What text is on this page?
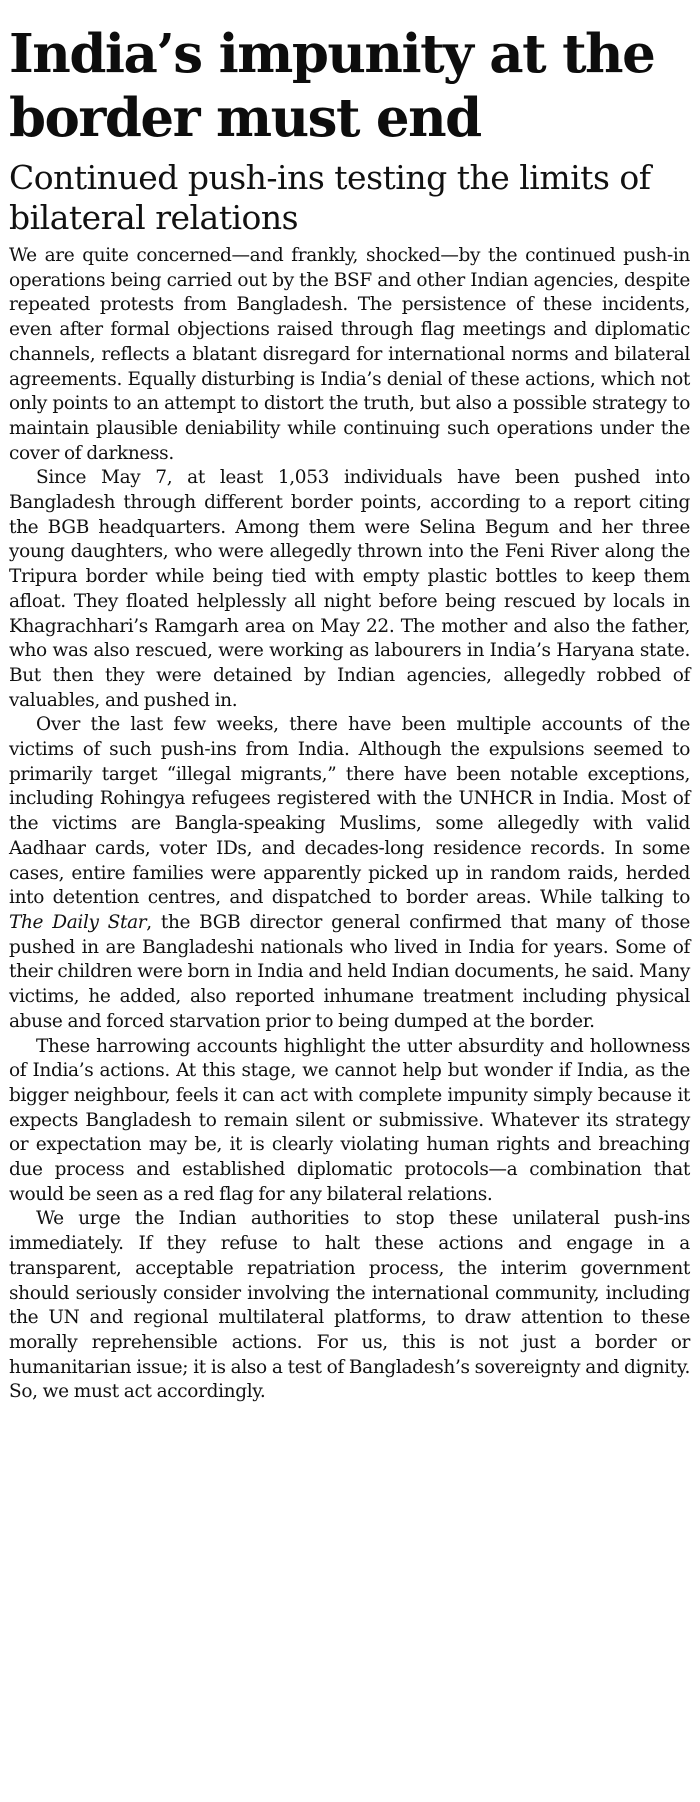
India’s impunity at the border must end
Continued push-ins testing the limits of bilateral relations

We are quite concerned—and frankly, shocked—by the continued push-in operations being carried out by the BSF and other Indian agencies, despite repeated protests from Bangladesh. The persistence of these incidents, even after formal objections raised through flag meetings and diplomatic channels, reflects a blatant disregard for international norms and bilateral agreements. Equally disturbing is India’s denial of these actions, which not only points to an attempt to distort the truth, but also a possible strategy to maintain plausible deniability while continuing such operations under the cover of darkness.

Since May 7, at least 1,053 individuals have been pushed into Bangladesh through different border points, according to a report citing the BGB headquarters. Among them were Selina Begum and her three young daughters, who were allegedly thrown into the Feni River along the Tripura border while being tied with empty plastic bottles to keep them afloat. They floated helplessly all night before being rescued by locals in Khagrachhari’s Ramgarh area on May 22. The mother and also the father, who was also rescued, were working as labourers in India’s Haryana state. But then they were detained by Indian agencies, allegedly robbed of valuables, and pushed in.

Over the last few weeks, there have been multiple accounts of the victims of such push-ins from India. Although the expulsions seemed to primarily target “illegal migrants,” there have been notable exceptions, including Rohingya refugees registered with the UNHCR in India. Most of the victims are Bangla-speaking Muslims, some allegedly with valid Aadhaar cards, voter IDs, and decades-long residence records. In some cases, entire families were apparently picked up in random raids, herded into detention centres, and dispatched to border areas. While talking to The Daily Star, the BGB director general confirmed that many of those pushed in are Bangladeshi nationals who lived in India for years. Some of their children were born in India and held Indian documents, he said. Many victims, he added, also reported inhumane treatment including physical abuse and forced starvation prior to being dumped at the border.

These harrowing accounts highlight the utter absurdity and hollowness of India’s actions. At this stage, we cannot help but wonder if India, as the bigger neighbour, feels it can act with complete impunity simply because it expects Bangladesh to remain silent or submissive. Whatever its strategy or expectation may be, it is clearly violating human rights and breaching due process and established diplomatic protocols—a combination that would be seen as a red flag for any bilateral relations.

We urge the Indian authorities to stop these unilateral push-ins immediately. If they refuse to halt these actions and engage in a transparent, acceptable repatriation process, the interim government should seriously consider involving the international community, including the UN and regional multilateral platforms, to draw attention to these morally reprehensible actions. For us, this is not just a border or humanitarian issue; it is also a test of Bangladesh’s sovereignty and dignity. So, we must act accordingly.
